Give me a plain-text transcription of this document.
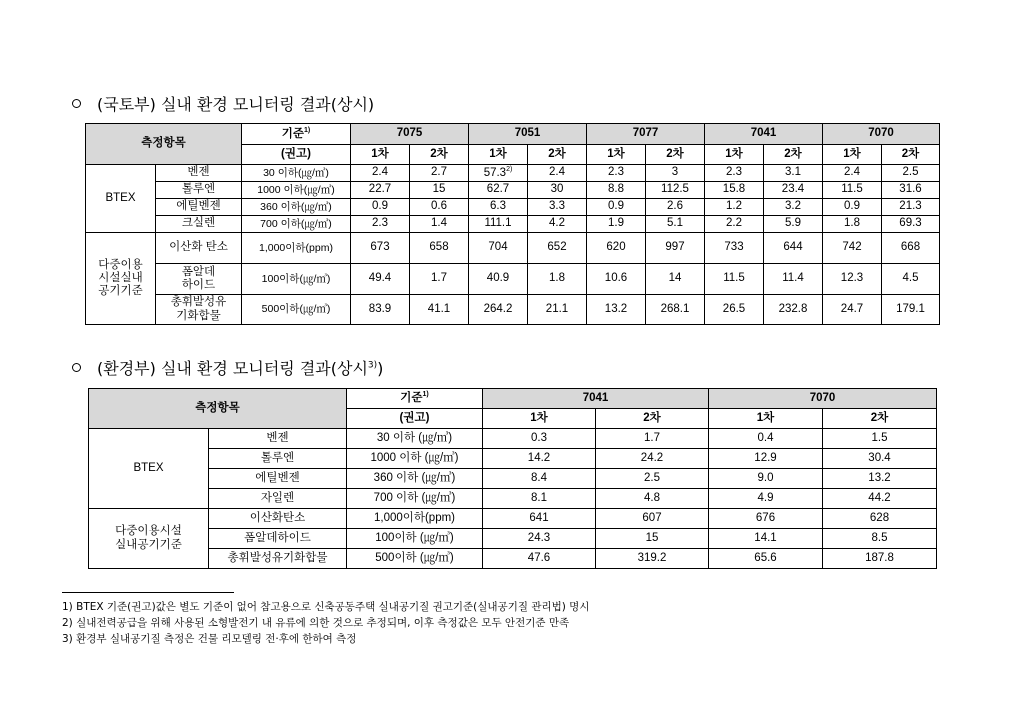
(국토부) 실내 환경 모니터링 결과(상시)
측정항목		기준$^{1)}$	7075		7051		7077		7041		7070	
		(권고)	1차	2차	1차	2차	1차	2차	1차	2차	1차	2차
BTEX	벤젠	30 이하(㎍/㎥)	2.4	2.7	57.3$^{2)}$	2.4	2.3	3	2.3	3.1	2.4	2.5
	톨루엔	1000 이하(㎍/㎥)	22.7	15	62.7	30	8.8	112.5	15.8	23.4	11.5	31.6
	에틸벤젠	360 이하(㎍/㎥)	0.9	0.6	6.3	3.3	0.9	2.6	1.2	3.2	0.9	21.3
	크실렌	700 이하(㎍/㎥)	2.3	1.4	111.1	4.2	1.9	5.1	2.2	5.9	1.8	69.3
다중이용 시설실내 공기기준	이산화 탄소	1,000이하(ppm)	673	658	704	652	620	997	733	644	742	668
	폼알데 하이드	100이하(㎍/㎥)	49.4	1.7	40.9	1.8	10.6	14	11.5	11.4	12.3	4.5
	총휘발성유 기화합물	500이하(㎍/㎥)	83.9	41.1	264.2	21.1	13.2	268.1	26.5	232.8	24.7	179.1
(환경부) 실내 환경 모니터링 결과(상시$^{3)}$)
측정항목		기준$^{1)}$	7041		7070	
		(권고)	1차	2차	1차	2차
BTEX	벤젠	30 이하 (㎍/㎥)	0.3	1.7	0.4	1.5
	톨루엔	1000 이하 (㎍/㎥)	14.2	24.2	12.9	30.4
	에틸벤젠	360 이하 (㎍/㎥)	8.4	2.5	9.0	13.2
	자일렌	700 이하 (㎍/㎥)	8.1	4.8	4.9	44.2
다중이용시설 실내공기기준	이산화탄소	1,000이하(ppm)	641	607	676	628
	폼알데하이드	100이하 (㎍/㎥)	24.3	15	14.1	8.5
	총휘발성유기화합물	500이하 (㎍/㎥)	47.6	319.2	65.6	187.8
1) BTEX 기준(권고)값은 별도 기준이 없어 참고용으로 신축공동주택 실내공기질 권고기준(실내공기질 관리법) 명시
2) 실내전력공급을 위해 사용된 소형발전기 내 유류에 의한 것으로 추정되며, 이후 측정값은 모두 안전기준 만족
3) 환경부 실내공기질 측정은 건물 리모델링 전·후에 한하여 측정
